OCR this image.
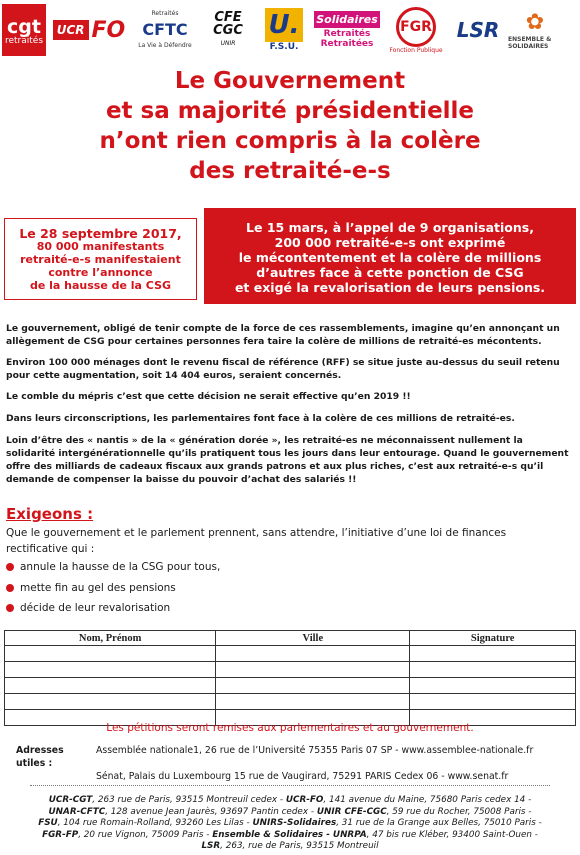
cgt
retraités
UCR FO
Retraités
CFTC
La Vie à Défendre
CFE
CGC
UNIR
U.
F.S.U.
Solidaires
Retraités Retraitées
FGR
Fonction Publique
LSR ✿
ENSEMBLE & SOLIDAIRES
Le Gouvernement
et sa majorité présidentielle
n’ont rien compris à la colère
des retraité-e-s
Le 28 septembre 2017,
80 000 manifestants
retraité-e-s manifestaient
contre l’annonce
de la hausse de la CSG
Le 15 mars, à l’appel de 9 organisations,
200 000 retraité-e-s ont exprimé
le mécontentement et la colère de millions
d’autres face à cette ponction de CSG
et exigé la revalorisation de leurs pensions.

Le gouvernement, obligé de tenir compte de la force de ces rassemblements, imagine qu’en annonçant un allègement de CSG pour certaines personnes fera taire la colère de millions de retraité-es mécontents.

Environ 100 000 ménages dont le revenu fiscal de référence (RFF) se situe juste au-dessus du seuil retenu pour cette augmentation, soit 14 404 euros, seraient concernés.

Le comble du mépris c’est que cette décision ne serait effective qu’en 2019 !!

Dans leurs circonscriptions, les parlementaires font face à la colère de ces millions de retraité-es.

Loin d’être des « nantis » de la « génération dorée », les retraité-es ne méconnaissent nullement la solidarité intergénérationnelle qu’ils pratiquent tous les jours dans leur entourage. Quand le gouvernement offre des milliards de cadeaux fiscaux aux grands patrons et aux plus riches, c’est aux retraité-e-s qu’il demande de compenser la baisse du pouvoir d’achat des salariés !!

Exigeons :

Que le gouvernement et le parlement prennent, sans attendre, l’initiative d’une loi de finances rectificative qui :

annule la hausse de la CSG pour tous,
mette fin au gel des pensions
décide de leur revalorisation
Nom, Prénom	Ville	Signature

Les pétitions seront remises aux parlementaires et au gouvernement.
Adresses utiles :
Assemblée nationale1, 26 rue de l’Université 75355 Paris 07 SP - www.assemblee-nationale.fr
Sénat, Palais du Luxembourg 15 rue de Vaugirard, 75291 PARIS Cedex 06 - www.senat.fr
UCR-CGT, 263 rue de Paris, 93515 Montreuil cedex - UCR-FO, 141 avenue du Maine, 75680 Paris cedex 14 -
UNAR-CFTC, 128 avenue Jean Jaurès, 93697 Pantin cedex - UNIR CFE-CGC, 59 rue du Rocher, 75008 Paris -
FSU, 104 rue Romain-Rolland, 93260 Les Lilas - UNIRS-Solidaires, 31 rue de la Grange aux Belles, 75010 Paris -
FGR-FP, 20 rue Vignon, 75009 Paris - Ensemble & Solidaires - UNRPA, 47 bis rue Kléber, 93400 Saint-Ouen -
LSR, 263, rue de Paris, 93515 Montreuil
